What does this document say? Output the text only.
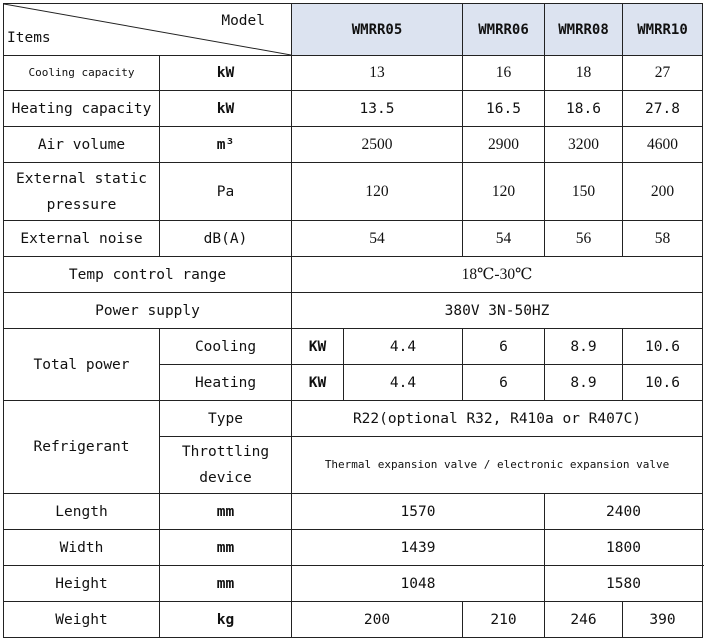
Model
Items		WMRR05		WMRR06	WMRR08	WMRR10	
Cooling capacity	kW	13		16	18	27	
Heating capacity	kW	13.5		16.5	18.6	27.8	
Air volume	m³	2500		2900	3200	4600	
External static pressure	Pa	120		120	150	200	
External noise	dB(A)	54		54	56	58	
Temp control range		18℃-30℃					
Power supply		380V 3N-50HZ					
Total power	Cooling	KW	4.4	6	8.9	10.6	
	Heating	KW	4.4	6	8.9	10.6	
Refrigerant	Type	R22(optional R32, R410a or R407C)					
	Throttling device	Thermal expansion valve / electronic expansion valve					
Length	mm	1570			2400		
Width	mm	1439			1800		
Height	mm	1048			1580		
Weight	kg	200		210	246	390	
